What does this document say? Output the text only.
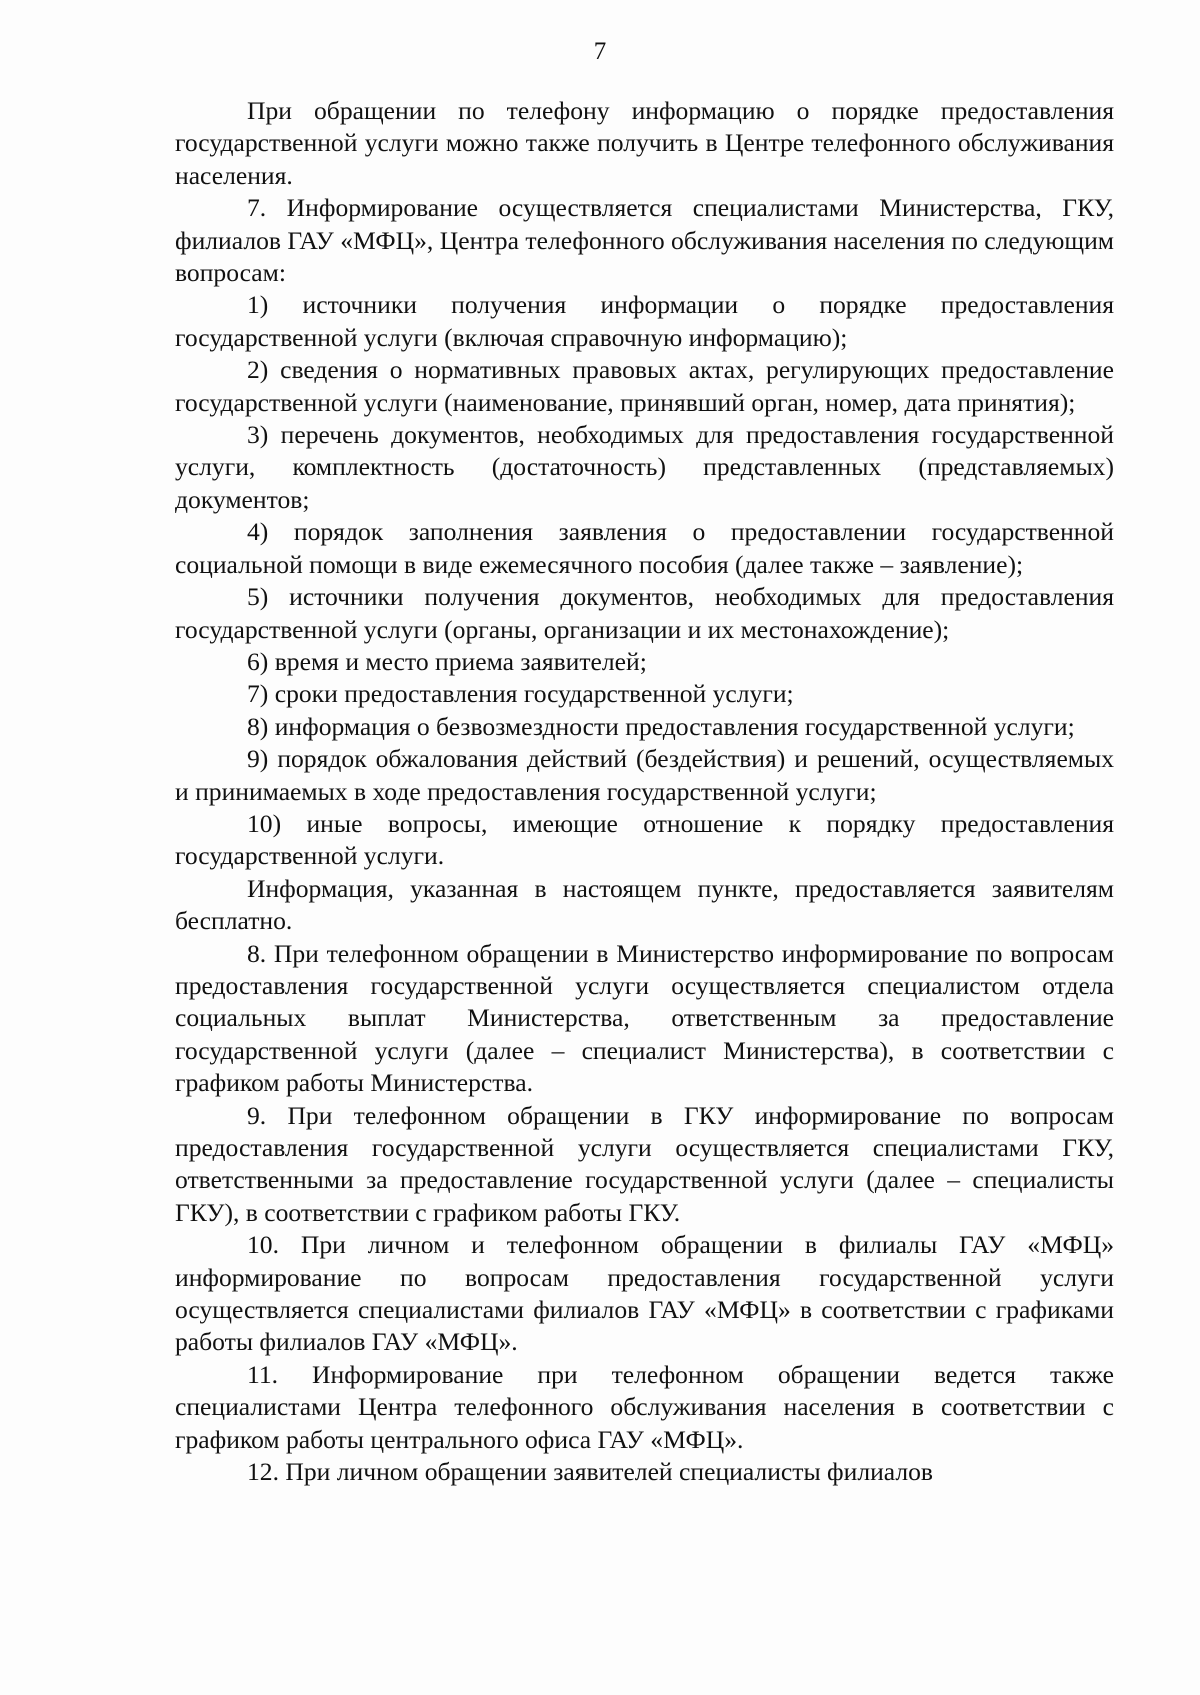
7

При обращении по телефону информацию о порядке предоставления государственной услуги можно также получить в Центре телефонного обслуживания населения.

7. Информирование осуществляется специалистами Министерства, ГКУ, филиалов ГАУ «МФЦ», Центра телефонного обслуживания населения по следующим вопросам:

1) источники получения информации о порядке предоставления государственной услуги (включая справочную информацию);

2) сведения о нормативных правовых актах, регулирующих предоставление государственной услуги (наименование, принявший орган, номер, дата принятия);

3) перечень документов, необходимых для предоставления государственной услуги, комплектность (достаточность) представленных (представляемых) документов;

4) порядок заполнения заявления о предоставлении государственной социальной помощи в виде ежемесячного пособия (далее также – заявление);

5) источники получения документов, необходимых для предоставления государственной услуги (органы, организации и их местонахождение);

6) время и место приема заявителей;

7) сроки предоставления государственной услуги;

8) информация о безвозмездности предоставления государственной услуги;

9) порядок обжалования действий (бездействия) и решений, осуществляемых и принимаемых в ходе предоставления государственной услуги;

10) иные вопросы, имеющие отношение к порядку предоставления государственной услуги.

Информация, указанная в настоящем пункте, предоставляется заявителям бесплатно.

8. При телефонном обращении в Министерство информирование по вопросам предоставления государственной услуги осуществляется специалистом отдела социальных выплат Министерства, ответственным за предоставление государственной услуги (далее – специалист Министерства), в соответствии с графиком работы Министерства.

9. При телефонном обращении в ГКУ информирование по вопросам предоставления государственной услуги осуществляется специалистами ГКУ, ответственными за предоставление государственной услуги (далее – специалисты ГКУ), в соответствии с графиком работы ГКУ.

10. При личном и телефонном обращении в филиалы ГАУ «МФЦ» информирование по вопросам предоставления государственной услуги осуществляется специалистами филиалов ГАУ «МФЦ» в соответствии с графиками работы филиалов ГАУ «МФЦ».

11. Информирование при телефонном обращении ведется также специалистами Центра телефонного обслуживания населения в соответствии с графиком работы центрального офиса ГАУ «МФЦ».

12. При личном обращении заявителей специалисты филиалов
